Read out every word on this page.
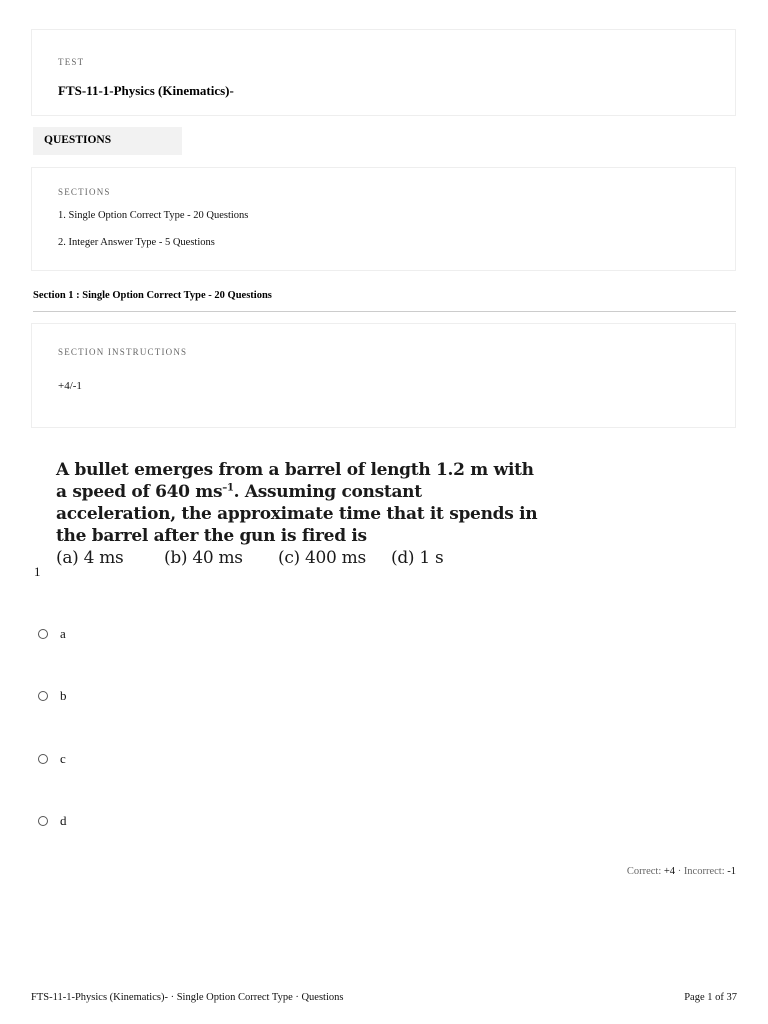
TEST
FTS-11-1-Physics (Kinematics)-
QUESTIONS
SECTIONS
1. Single Option Correct Type - 20 Questions
2. Integer Answer Type - 5 Questions
Section 1 : Single Option Correct Type - 20 Questions
SECTION INSTRUCTIONS
+4/-1
A bullet emerges from a barrel of length 1.2 m with
a speed of 640 $ms^{-1}$. Assuming constant
acceleration, the approximate time that it spends in
the barrel after the gun is fired is
(a) 4 ms (b) 40 ms (c) 400 ms (d) 1 s
1
a
b
c
d
Correct: +4 · Incorrect: -1
FTS-11-1-Physics (Kinematics)- · Single Option Correct Type · Questions	Page 1 of 37
